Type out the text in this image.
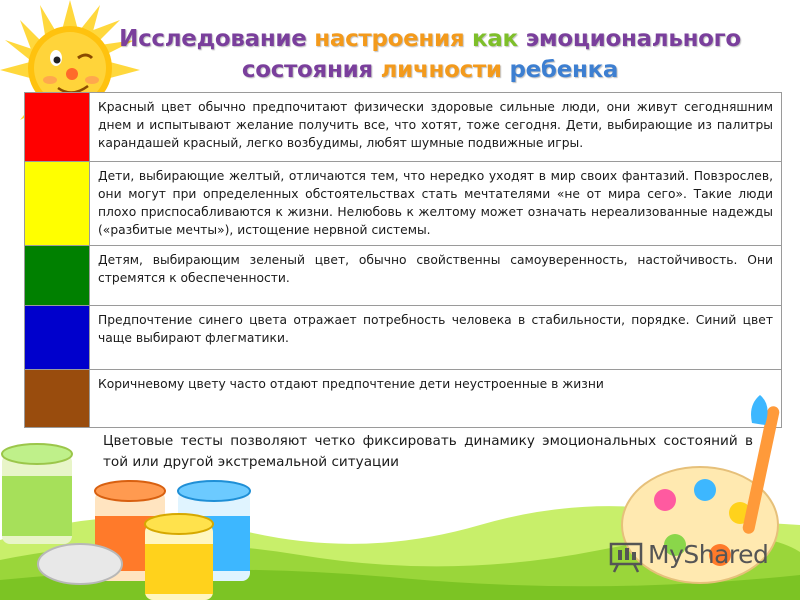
Исследование настроения как эмоционального
состояния личности ребенка
	Красный цвет обычно предпочитают физически здоровые сильные люди, они живут сегодняшним днем и испытывают желание получить все, что хотят, тоже сегодня. Дети, выбирающие из палитры карандашей красный, легко возбудимы, любят шумные подвижные игры.
	Дети, выбирающие желтый, отличаются тем, что нередко уходят в мир своих фантазий. Повзрослев, они могут при определенных обстоятельствах стать мечтателями «не от мира сего». Такие люди плохо приспосабливаются к жизни. Нелюбовь к желтому может означать нереализованные надежды («разбитые мечты»), истощение нервной системы.
	Детям, выбирающим зеленый цвет, обычно свойственны самоуверенность, настойчивость. Они стремятся к обеспеченности.
	Предпочтение синего цвета отражает потребность человека в стабильности, порядке. Синий цвет чаще выбирают флегматики.
	Коричневому цвету часто отдают предпочтение дети неустроенные в жизни
Цветовые тесты позволяют четко фиксировать динамику эмоциональных состояний в той или другой экстремальной ситуации
MyShared
